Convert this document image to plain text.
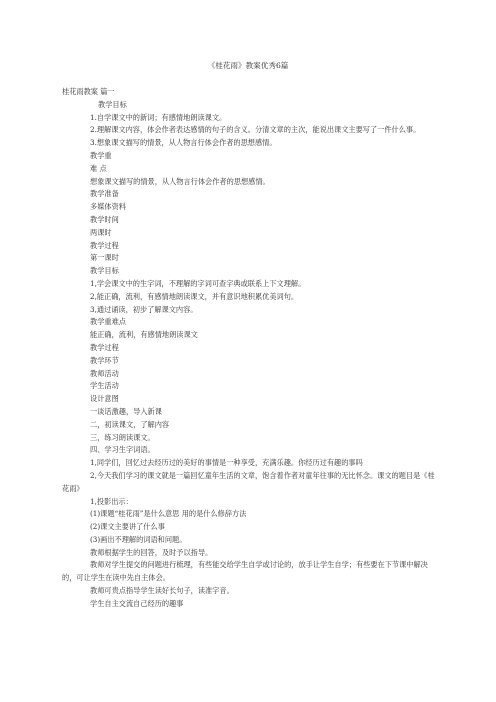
《桂花雨》教案优秀6篇
桂花雨教案 篇一
教学目标
1.自学课文中的新词；有感情地朗读课文。
2.理解课文内容，体会作者表达感情的句子的含义。分清文章的主次，能说出课文主要写了一件什么事。
3.想象课文描写的情景，从人物言行体会作者的思想感情。
教学重
难 点
想象课文描写的情景，从人物言行体会作者的思想感情。
教学准备
多媒体资料
教学时间
两课时
教学过程
第一课时
教学目标
1,学会课文中的生字词，不理解的字词可查字典或联系上下文理解。
2,能正确，流利，有感情地朗读课文，并有意识地积累优美词句。
3,通过诵读，初步了解课文内容。
教学重难点
能正确，流利，有感情地朗读课文
教学过程
教学环节
教师活动
学生活动
设计意图
一谈话激趣，导入新课
二，初读课文，了解内容
三，练习朗读课文。
四、学习生字词语。
1,同学们，回忆过去经历过的美好的事情是一种享受，充满乐趣。你经历过有趣的事吗
2,今天我们学习的课文就是一篇回忆童年生活的文章，饱含着作者对童年往事的无比怀念。课文的题目是《桂花雨》
1,投影出示：
(1)课题“桂花雨”是什么意思 用的是什么修辞方法
(2)课文主要讲了什么事
(3)画出不理解的词语和问题。
教师根据学生的回答，及时予以指导。
教师对学生提交的问题进行梳理，有些能交给学生自学或讨论的，放手让学生自学；有些要在下节课中解决的，可让学生在读中先自主体会。
教师可贵点指导学生读好长句子，读准字音。
学生自主交流自己经历的趣事
